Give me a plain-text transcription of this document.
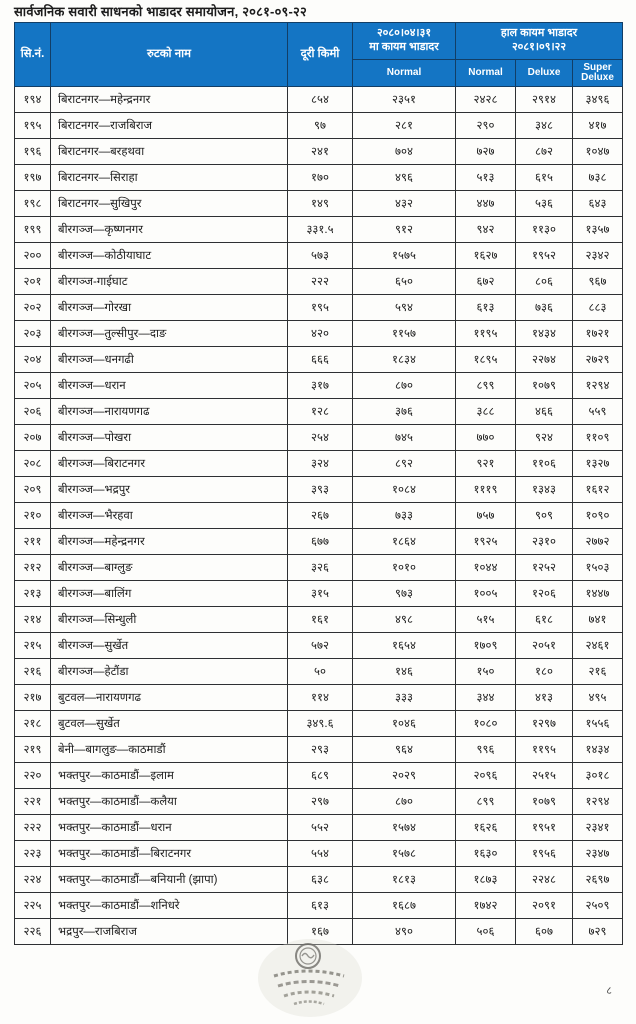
सार्वजनिक सवारी साधनको भाडादर समायोजन, २०८१-०९-२२
सि.नं.	रुटको नाम	दूरी किमी	२०८०।०४।३१
मा कायम भाडादर	हाल कायम भाडादर
२०८१।०९।२२		
			Normal	Normal	Deluxe	Super Deluxe
१९४	बिराटनगर—महेन्द्रनगर	८५४	२३५१	२४२८	२९१४	३४९६
१९५	बिराटनगर—राजबिराज	९७	२८१	२९०	३४८	४१७
१९६	बिराटनगर—बरहथवा	२४१	७०४	७२७	८७२	१०४७
१९७	बिराटनगर—सिराहा	१७०	४९६	५१३	६१५	७३८
१९८	बिराटनगर—सुखिपुर	१४९	४३२	४४७	५३६	६४३
१९९	बीरगञ्ज—कृष्णनगर	३३१.५	९१२	९४२	११३०	१३५७
२००	बीरगञ्ज—कोठीयाघाट	५७३	१५७५	१६२७	१९५२	२३४२
२०१	बीरगञ्ज-गाईघाट	२२२	६५०	६७२	८०६	९६७
२०२	बीरगञ्ज—गोरखा	१९५	५९४	६१३	७३६	८८३
२०३	बीरगञ्ज—तुल्सीपुर—दाङ	४२०	११५७	११९५	१४३४	१७२१
२०४	बीरगञ्ज—धनगढी	६६६	१८३४	१८९५	२२७४	२७२९
२०५	बीरगञ्ज—धरान	३१७	८७०	८९९	१०७९	१२९४
२०६	बीरगञ्ज—नारायणगढ	१२८	३७६	३८८	४६६	५५९
२०७	बीरगञ्ज—पोखरा	२५४	७४५	७७०	९२४	११०९
२०८	बीरगञ्ज—बिराटनगर	३२४	८९२	९२१	११०६	१३२७
२०९	बीरगञ्ज—भद्रपुर	३९३	१०८४	१११९	१३४३	१६१२
२१०	बीरगञ्ज—भैरहवा	२६७	७३३	७५७	९०९	१०९०
२११	बीरगञ्ज—महेन्द्रनगर	६७७	१८६४	१९२५	२३१०	२७७२
२१२	बीरगञ्ज—बाग्लुङ	३२६	१०१०	१०४४	१२५२	१५०३
२१३	बीरगञ्ज—बालिंग	३१५	९७३	१००५	१२०६	१४४७
२१४	बीरगञ्ज—सिन्धुली	१६१	४९८	५१५	६१८	७४१
२१५	बीरगञ्ज—सुर्खेत	५७२	१६५४	१७०९	२०५१	२४६१
२१६	बीरगञ्ज—हेटौंडा	५०	१४६	१५०	१८०	२१६
२१७	बुटवल—नारायणगढ	११४	३३३	३४४	४१३	४९५
२१८	बुटवल—सुर्खेत	३४९.६	१०४६	१०८०	१२९७	१५५६
२१९	बेनी—बागलुङ—काठमाडौं	२९३	९६४	९९६	११९५	१४३४
२२०	भक्तपुर—काठमाडौं—इलाम	६८९	२०२९	२०९६	२५१५	३०१८
२२१	भक्तपुर—काठमाडौं—कलैया	२९७	८७०	८९९	१०७९	१२९४
२२२	भक्तपुर—काठमाडौं—धरान	५५२	१५७४	१६२६	१९५१	२३४१
२२३	भक्तपुर—काठमाडौं—बिराटनगर	५५४	१५७८	१६३०	१९५६	२३४७
२२४	भक्तपुर—काठमाडौं—बनियानी (झापा)	६३८	१८१३	१८७३	२२४८	२६९७
२२५	भक्तपुर—काठमाडौं—शनिधरे	६१३	१६८७	१७४२	२०९१	२५०९
२२६	भद्रपुर—राजबिराज	१६७	४९०	५०६	६०७	७२९
८
